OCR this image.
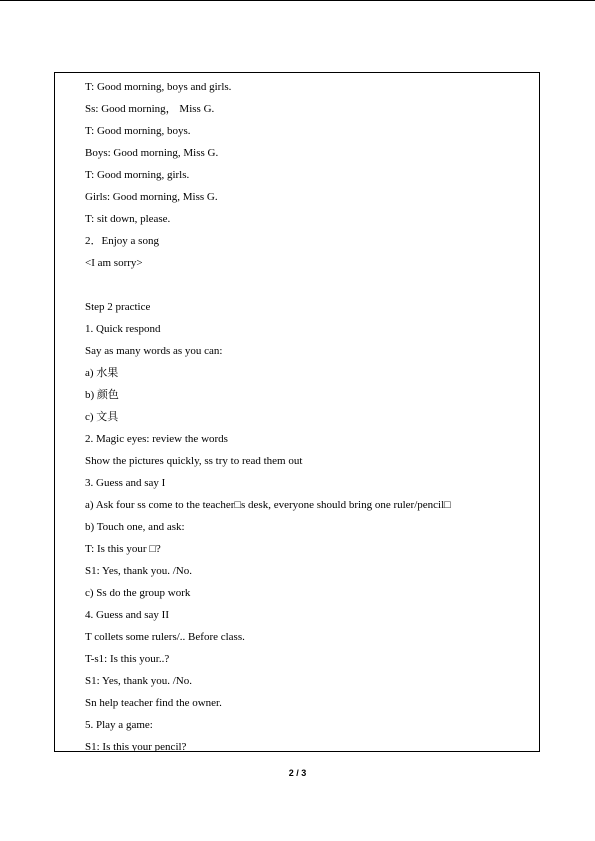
T: Good morning, boys and girls.
Ss: Good morning， Miss G.
T: Good morning, boys.
Boys: Good morning, Miss G.
T: Good morning, girls.
Girls: Good morning, Miss G.
T: sit down, please.
2．Enjoy a song
<I am sorry>
Step 2 practice
1. Quick respond
Say as many words as you can:
a) 水果
b) 颜色
c) 文具
2. Magic eyes: review the words
Show the pictures quickly, ss try to read them out
3. Guess and say I
a) Ask four ss come to the teacher□s desk, everyone should bring one ruler/pencil□
b) Touch one, and ask:
T: Is this your □?
S1: Yes, thank you. /No.
c) Ss do the group work
4. Guess and say II
T collets some rulers/.. Before class.
T-s1: Is this your..?
S1: Yes, thank you. /No.
Sn help teacher find the owner.
5. Play a game:
S1: Is this your pencil?
2 / 3
